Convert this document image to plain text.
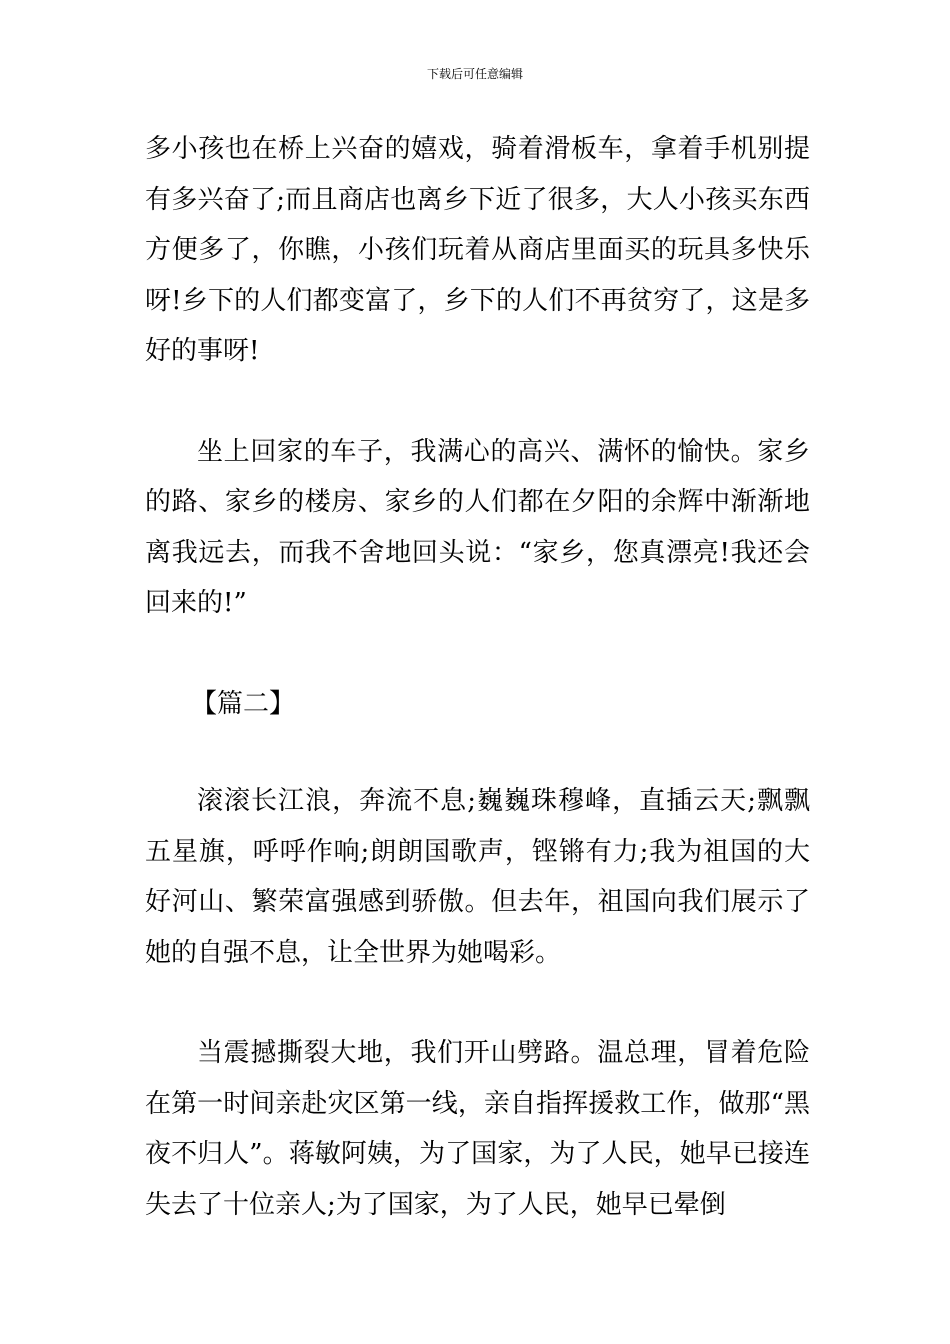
下载后可任意编辑

多小孩也在桥上兴奋的嬉戏，骑着滑板车，拿着手机别提有多兴奋了;而且商店也离乡下近了很多，大人小孩买东西方便多了，你瞧，小孩们玩着从商店里面买的玩具多快乐呀!乡下的人们都变富了，乡下的人们不再贫穷了，这是多好的事呀!

坐上回家的车子，我满心的高兴、满怀的愉快。家乡的路、家乡的楼房、家乡的人们都在夕阳的余辉中渐渐地离我远去，而我不舍地回头说：“家乡，您真漂亮!我还会回来的!”

【篇二】

滚滚长江浪，奔流不息;巍巍珠穆峰，直插云天;飘飘五星旗，呼呼作响;朗朗国歌声，铿锵有力;我为祖国的大好河山、繁荣富强感到骄傲。但去年，祖国向我们展示了她的自强不息，让全世界为她喝彩。

当震撼撕裂大地，我们开山劈路。温总理，冒着危险在第一时间亲赴灾区第一线，亲自指挥援救工作，做那“黑夜不归人”。蒋敏阿姨，为了国家，为了人民，她早已接连失去了十位亲人;为了国家，为了人民，她早已晕倒
